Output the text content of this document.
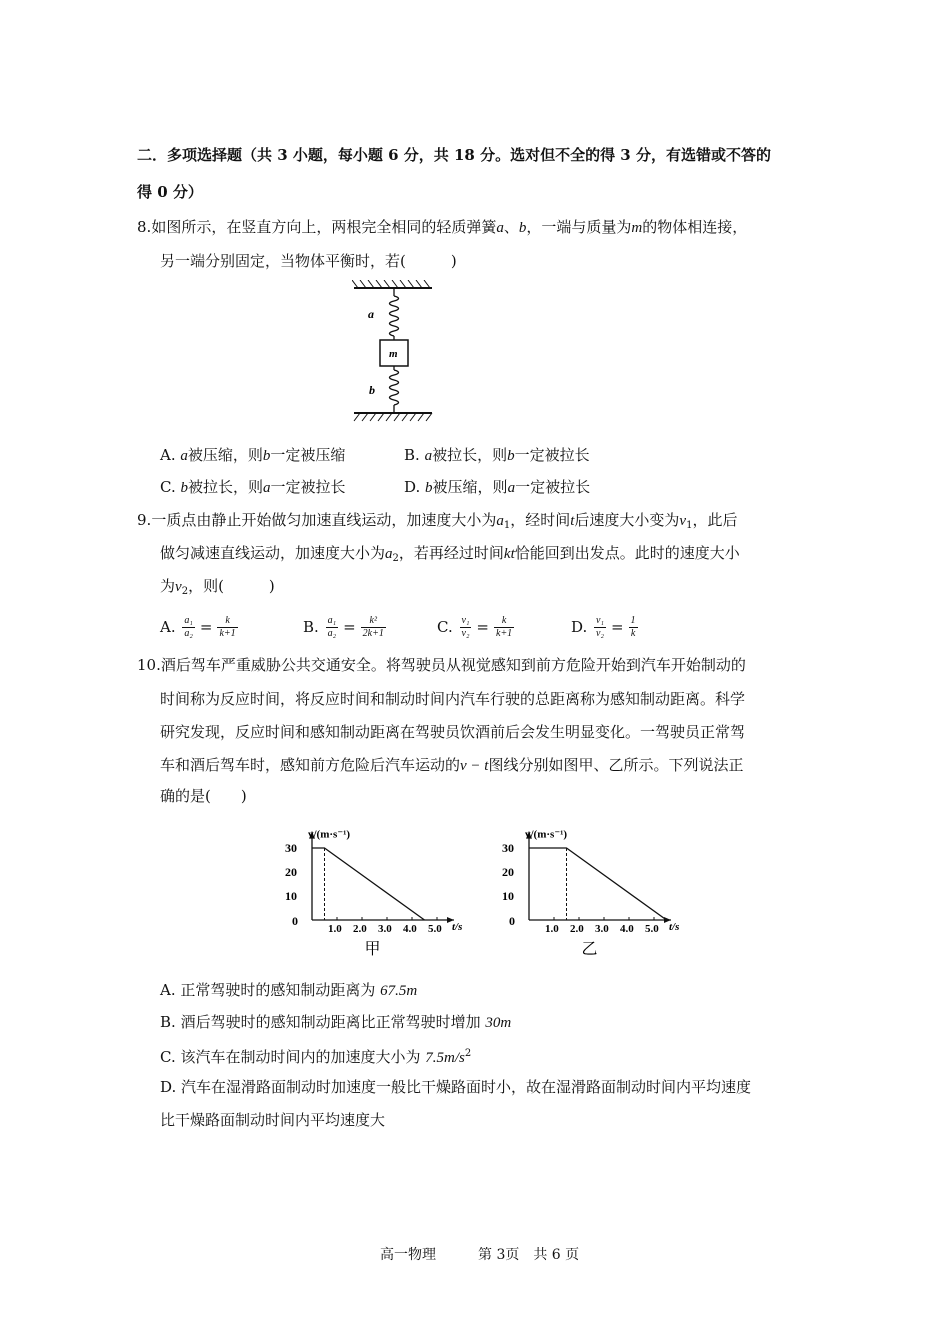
二．多项选择题（共 3 小题，每小题 6 分，共 18 分。选对但不全的得 3 分，有选错或不答的
得 0 分）
8.如图所示，在竖直方向上，两根完全相同的轻质弹簧a、b，一端与质量为m的物体相连接，
另一端分别固定，当物体平衡时，若(　　　)
a
m
b
A. a被压缩，则b一定被压缩	B. a被拉长，则b一定被拉长
C. b被拉长，则a一定被拉长	D. b被压缩，则a一定被拉长
9.一质点由静止开始做匀加速直线运动，加速度大小为$a_1$，经时间t后速度大小变为$v_1$，此后
做匀减速直线运动，加速度大小为$a_2$，若再经过时间kt恰能回到出发点。此时的速度大小
为$v_2$，则(　　　)
A. $\frac{\text{a₁}}{\text{a₂}} = \frac{k}{k+1}$	B. $\frac{\text{a₁}}{\text{a₂}} = \frac{\text{k²}}{2k+1}$	C. $\frac{\text{v₁}}{\text{v₂}} = \frac{k}{k+1}$	D. $\frac{\text{v₁}}{\text{v₂}} = \frac{1}{k}$
10.酒后驾车严重威胁公共交通安全。将驾驶员从视觉感知到前方危险开始到汽车开始制动的
时间称为反应时间，将反应时间和制动时间内汽车行驶的总距离称为感知制动距离。科学
研究发现，反应时间和感知制动距离在驾驶员饮酒前后会发生明显变化。一驾驶员正常驾
车和酒后驾车时，感知前方危险后汽车运动的v − t图线分别如图甲、乙所示。下列说法正
确的是(　　)
v/(m·s⁻¹)
t/s
0
10
20
30
1.0 2.0 3.0 4.0 5.0
甲
v/(m·s⁻¹)
t/s
0
10
20
30
1.0 2.0 3.0 4.0 5.0
乙
A. 正常驾驶时的感知制动距离为 67.5m
B. 酒后驾驶时的感知制动距离比正常驾驶时增加 30m
C. 该汽车在制动时间内的加速度大小为 $7.5m/s^2$
D. 汽车在湿滑路面制动时加速度一般比干燥路面时小，故在湿滑路面制动时间内平均速度
比干燥路面制动时间内平均速度大
高一物理	第 3页　共 6 页
